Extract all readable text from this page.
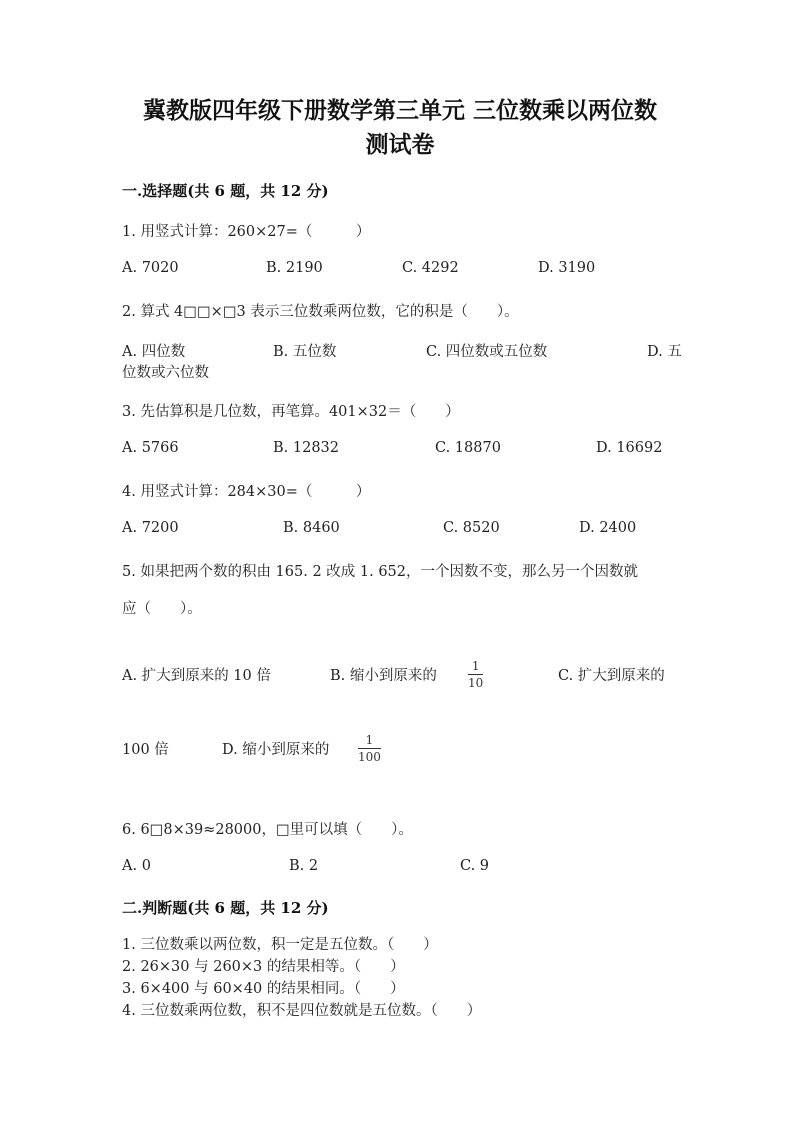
冀教版四年级下册数学第三单元 三位数乘以两位数
测试卷
一.选择题(共 6 题，共 12 分)
1. 用竖式计算：260×27=（　　　）
A. 7020	B. 2190	C. 4292	D. 3190
2. 算式 4□□×□3 表示三位数乘两位数，它的积是（　　）。
A. 四位数	B. 五位数	C. 四位数或五位数	D. 五
位数或六位数
3. 先估算积是几位数，再笔算。401×32＝（　　）
A. 5766	B. 12832	C. 18870	D. 16692
4. 用竖式计算：284×30=（　　　）
A. 7200	B. 8460	C. 8520	D. 2400
5. 如果把两个数的积由 165. 2 改成 1. 652，一个因数不变，那么另一个因数就
应（　　）。
A. 扩大到原来的 10 倍	B. 缩小到原来的
1
10	C. 扩大到原来的
100 倍	D. 缩小到原来的
1
100
6. 6□8×39≈28000，□里可以填（　　）。
A. 0	B. 2	C. 9
二.判断题(共 6 题，共 12 分)
1. 三位数乘以两位数，积一定是五位数。（　　）
2. 26×30 与 260×3 的结果相等。（　　）
3. 6×400 与 60×40 的结果相同。（　　）
4. 三位数乘两位数，积不是四位数就是五位数。（　　）
